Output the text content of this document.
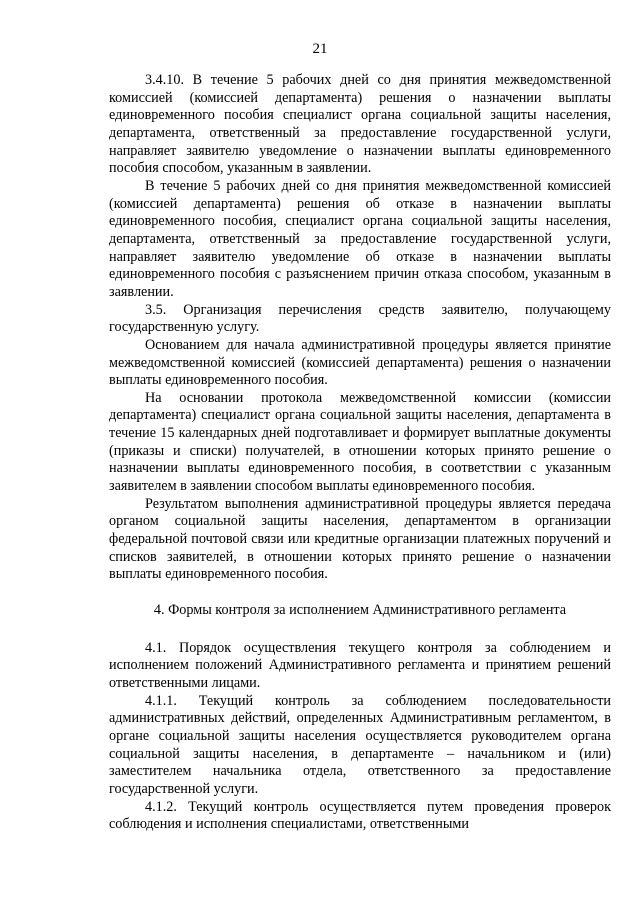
21

3.4.10. В течение 5 рабочих дней со дня принятия межведомственной комиссией (комиссией департамента) решения о назначении выплаты единовременного пособия специалист органа социальной защиты населения, департамента, ответственный за предоставление государственной услуги, направляет заявителю уведомление о назначении выплаты единовременного пособия способом, указанным в заявлении.

В течение 5 рабочих дней со дня принятия межведомственной комиссией (комиссией департамента) решения об отказе в назначении выплаты единовременного пособия, специалист органа социальной защиты населения, департамента, ответственный за предоставление государственной услуги, направляет заявителю уведомление об отказе в назначении выплаты единовременного пособия с разъяснением причин отказа способом, указанным в заявлении.

3.5. Организация перечисления средств заявителю, получающему государственную услугу.

Основанием для начала административной процедуры является принятие межведомственной комиссией (комиссией департамента) решения о назначении выплаты единовременного пособия.

На основании протокола межведомственной комиссии (комиссии департамента) специалист органа социальной защиты населения, департамента в течение 15 календарных дней подготавливает и формирует выплатные документы (приказы и списки) получателей, в отношении которых принято решение о назначении выплаты единовременного пособия, в соответствии с указанным заявителем в заявлении способом выплаты единовременного пособия.

Результатом выполнения административной процедуры является передача органом социальной защиты населения, департаментом в организации федеральной почтовой связи или кредитные организации платежных поручений и списков заявителей, в отношении которых принято решение о назначении выплаты единовременного пособия.

4. Формы контроля за исполнением Административного регламента

4.1. Порядок осуществления текущего контроля за соблюдением и исполнением положений Административного регламента и принятием решений ответственными лицами.

4.1.1. Текущий контроль за соблюдением последовательности административных действий, определенных Административным регламентом, в органе социальной защиты населения осуществляется руководителем органа социальной защиты населения, в департаменте – начальником и (или) заместителем начальника отдела, ответственного за предоставление государственной услуги.

4.1.2. Текущий контроль осуществляется путем проведения проверок соблюдения и исполнения специалистами, ответственными
